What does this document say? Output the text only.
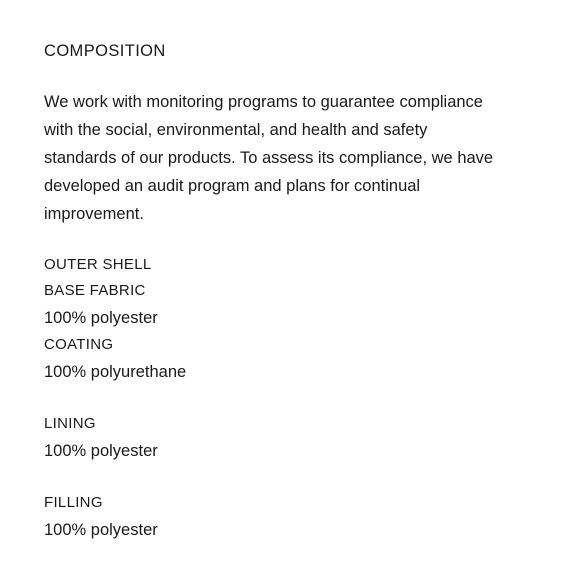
COMPOSITION
We work with monitoring programs to guarantee compliance
with the social, environmental, and health and safety
standards of our products. To assess its compliance, we have
developed an audit program and plans for continual
improvement.
OUTER SHELL
BASE FABRIC
100% polyester
COATING
100% polyurethane
LINING
100% polyester
FILLING
100% polyester
